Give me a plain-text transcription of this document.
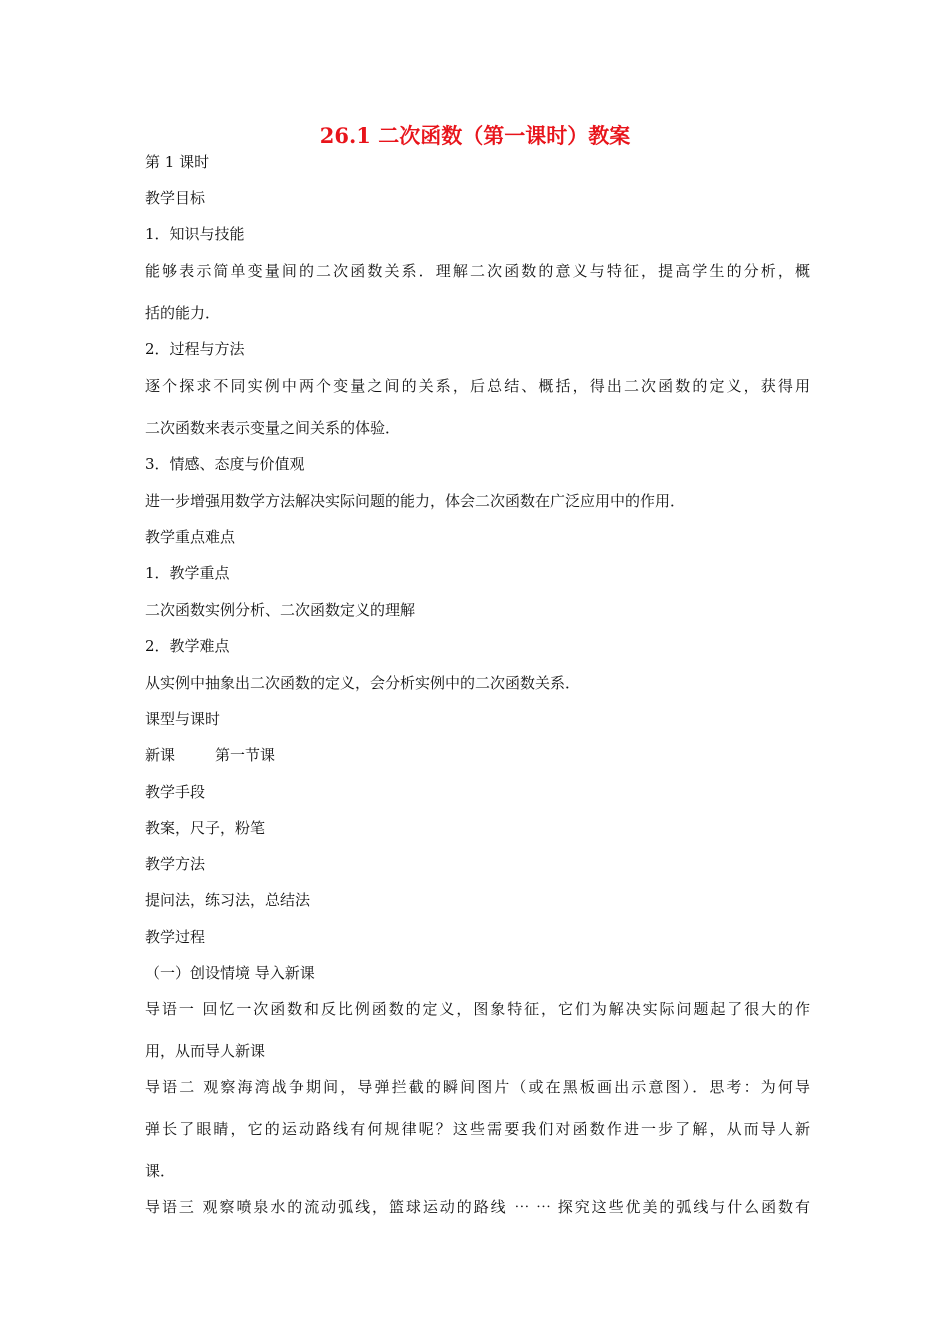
26.1 二次函数（第一课时）教案
第 1 课时
教学目标
1．知识与技能
能够表示简单变量间的二次函数关系．理解二次函数的意义与特征，提高学生的分析，概
括的能力．
2．过程与方法
逐个探求不同实例中两个变量之间的关系，后总结、概括，得出二次函数的定义，获得用
二次函数来表示变量之间关系的体验．
3．情感、态度与价值观
进一步增强用数学方法解决实际问题的能力，体会二次函数在广泛应用中的作用．
教学重点难点
1．教学重点
二次函数实例分析、二次函数定义的理解
2．教学难点
从实例中抽象出二次函数的定义，会分析实例中的二次函数关系．
课型与课时
新课	第一节课
教学手段
教案，尺子，粉笔
教学方法
提问法，练习法，总结法
教学过程
（一）创设情境 导入新课
导语一 回忆一次函数和反比例函数的定义，图象特征，它们为解决实际问题起了很大的作
用，从而导人新课
导语二 观察海湾战争期间，导弹拦截的瞬间图片（或在黑板画出示意图）．思考：为何导
弹长了眼睛，它的运动路线有何规律呢？这些需要我们对函数作进一步了解，从而导人新
课．
导语三 观察喷泉水的流动弧线，篮球运动的路线 ⋯ ⋯ 探究这些优美的弧线与什么函数有
